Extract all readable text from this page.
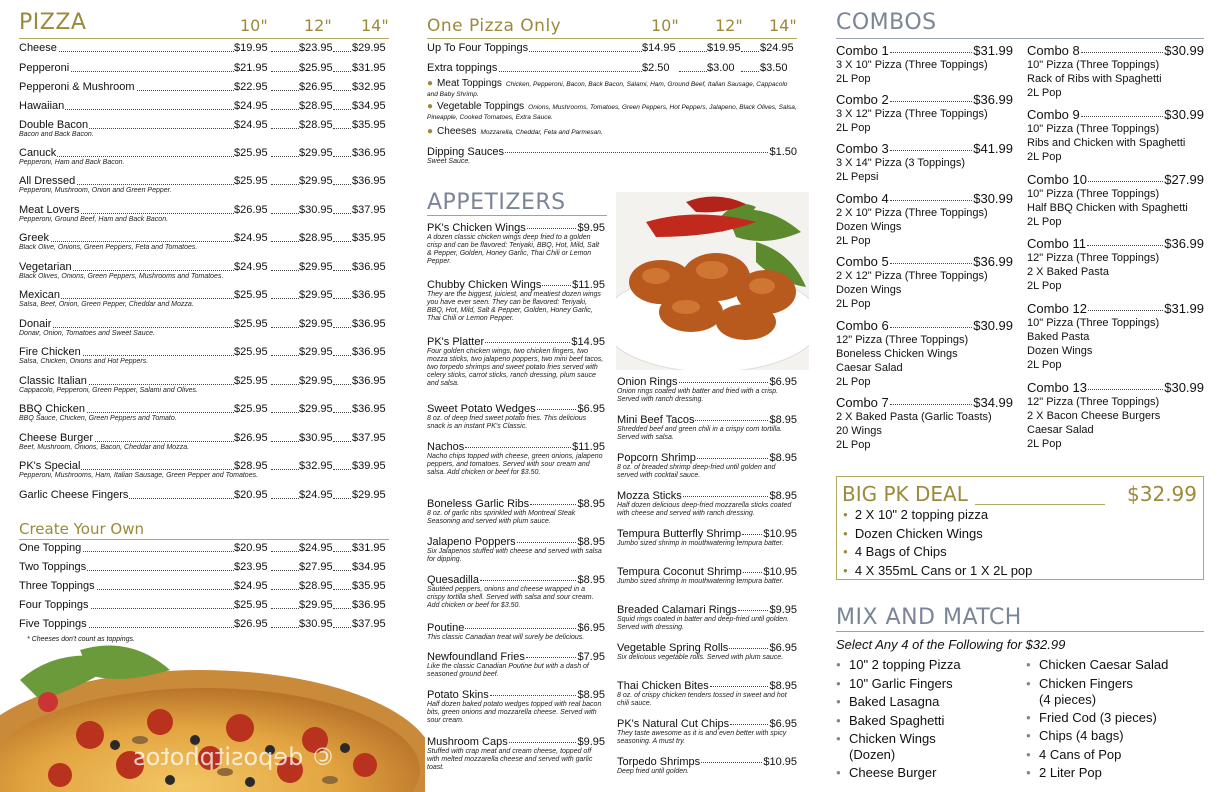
PIZZA	10" 12" 14"
Cheese	$19.95	$23.95 $29.95
Pepperoni	$21.95	$25.95 $31.95
Pepperoni & Mushroom	$22.95	$26.95 $32.95
Hawaiian	$24.95	$28.95 $34.95
Double Bacon	$24.95	$28.95 $35.95
Bacon and Back Bacon.
Canuck	$25.95	$29.95 $36.95
Pepperoni, Ham and Back Bacon.
All Dressed	$25.95	$29.95 $36.95
Pepperoni, Mushroom, Onion and Green Pepper.
Meat Lovers	$26.95	$30.95 $37.95
Pepperoni, Ground Beef, Ham and Back Bacon.
Greek	$24.95	$28.95 $35.95
Black Olive, Onions, Green Peppers, Feta and Tomatoes.
Vegetarian	$24.95	$29.95 $36.95
Black Olives, Onions, Green Peppers, Mushrooms and Tomatoes.
Mexican	$25.95	$29.95 $36.95
Salsa, Beef, Onion, Green Pepper, Cheddar and Mozza.
Donair	$25.95	$29.95 $36.95
Donair, Onion, Tomatoes and Sweet Sauce.
Fire Chicken	$25.95	$29.95 $36.95
Salsa, Chicken, Onions and Hot Peppers.
Classic Italian	$25.95	$29.95 $36.95
Cappacolo, Pepperoni, Green Pepper, Salami and Olives.
BBQ Chicken	$25.95	$29.95 $36.95
BBQ Sauce, Chicken, Green Peppers and Tomato.
Cheese Burger	$26.95	$30.95 $37.95
Beef, Mushroom, Onions, Bacon, Cheddar and Mozza.
PK's Special	$28.95	$32.95 $39.95
Pepperoni, Mushrooms, Ham, Italian Sausage, Green Pepper and Tomatoes.
Garlic Cheese Fingers	$20.95	$24.95 $29.95
Create Your Own
One Topping	$20.95	$24.95 $31.95
Two Toppings	$23.95	$27.95 $34.95
Three Toppings	$24.95	$28.95 $35.95
Four Toppings	$25.95	$29.95 $36.95
Five Toppings	$26.95	$30.95 $37.95
* Cheeses don't count as toppings.
© depositphotos
One Pizza Only	10" 12" 14"
Up To Four Toppings	$14.95	$19.95 $24.95
Extra toppings	$2.50	$3.00 $3.50
● Meat Toppings Chicken, Pepperoni, Bacon, Back Bacon, Salami, Ham, Ground Beef, Italian Sausage, Cappacolo and Baby Shrimp.
● Vegetable Toppings Onions, Mushrooms, Tomatoes, Green Peppers, Hot Peppers, Jalapeno, Black Olives, Salsa, Pineapple, Cooked Tomatoes, Extra Sauce.
● Cheeses Mozzarella, Cheddar, Feta and Parmesan.
Dipping Sauces	$1.50
Sweet Sauce.
APPETIZERS
PK's Chicken Wings	$9.95
A dozen classic chicken wings deep fried to a golden crisp and can be flavored: Teriyaki, BBQ, Hot, Mild, Salt & Pepper, Golden, Honey Garlic, Thai Chili or Lemon Pepper.
Chubby Chicken Wings	$11.95
They are the biggest, juiciest, and meatiest dozen wings you have ever seen. They can be flavored: Teriyaki, BBQ, Hot, Mild, Salt & Pepper, Golden, Honey Garlic, Thai Chili or Lemon Pepper.
PK's Platter	$14.95
Four golden chicken wings, two chicken fingers, two mozza sticks, two jalapeno poppers, two mini beef tacos, two torpedo shrimps and sweet potato fries served with celery sticks, carrot sticks, ranch dressing, plum sauce and salsa.
Sweet Potato Wedges	$6.95
8 oz. of deep fried sweet potato fries. This delicious snack is an instant PK's Classic.
Nachos	$11.95
Nacho chips topped with cheese, green onions, jalapeno peppers, and tomatoes. Served with sour cream and salsa. Add chicken or beef for $3.50.
Boneless Garlic Ribs	$8.95
8 oz. of garlic ribs sprinkled with Montreal Steak Seasoning and served with plum sauce.
Jalapeno Poppers	$8.95
Six Jalapenos stuffed with cheese and served with salsa for dipping.
Quesadilla	$8.95
Sautéed peppers, onions and cheese wrapped in a crispy tortilla shell. Served with salsa and sour cream. Add chicken or beef for $3.50.
Poutine	$6.95
This classic Canadian treat will surely be delicious.
Newfoundland Fries	$7.95
Like the classic Canadian Poutine but with a dash of seasoned ground beef.
Potato Skins	$8.95
Half dozen baked potato wedges topped with real bacon bits, green onions and mozzarella cheese. Served with sour cream.
Mushroom Caps	$9.95
Stuffed with crap meat and cream cheese, topped off with melted mozzarella cheese and served with garlic toast.
Onion Rings	$6.95
Onion rings coated with batter and fried with a crisp. Served with ranch dressing.
Mini Beef Tacos	$8.95
Shredded beef and green chili in a crispy corn tortilla. Served with salsa.
Popcorn Shrimp	$8.95
8 oz. of breaded shrimp deep-fried until golden and served with cocktail sauce.
Mozza Sticks	$8.95
Half dozen delicious deep-fried mozzarella sticks coated with cheese and served with ranch dressing.
Tempura Butterfly Shrimp $10.95
Jumbo sized shrimp in mouthwatering tempura batter.
Tempura Coconut Shrimp $10.95
Jumbo sized shrimp in mouthwatering tempura batter.
Breaded Calamari Rings	$9.95
Squid rings coated in batter and deep-fried until golden. Served with dressing.
Vegetable Spring Rolls	$6.95
Six delicious vegetable rolls. Served with plum sauce.
Thai Chicken Bites	$8.95
8 oz. of crispy chicken tenders tossed in sweet and hot chili sauce.
PK's Natural Cut Chips	$6.95
They taste awesome as it is and even better with spicy seasoning. A must try.
Torpedo Shrimps	$10.95
Deep fried until golden.
COMBOS
Combo 1	$31.99
3 X 10" Pizza (Three Toppings)
2L Pop
Combo 2	$36.99
3 X 12" Pizza (Three Toppings)
2L Pop
Combo 3	$41.99
3 X 14" Pizza (3 Toppings)
2L Pepsi
Combo 4	$30.99
2 X 10" Pizza (Three Toppings)
Dozen Wings
2L Pop
Combo 5	$36.99
2 X 12" Pizza (Three Toppings)
Dozen Wings
2L Pop
Combo 6	$30.99
12" Pizza (Three Toppings)
Boneless Chicken Wings
Caesar Salad
2L Pop
Combo 7	$34.99
2 X Baked Pasta (Garlic Toasts)
20 Wings
2L Pop
Combo 8	$30.99
10" Pizza (Three Toppings)
Rack of Ribs with Spaghetti
2L Pop
Combo 9	$30.99
10" Pizza (Three Toppings)
Ribs and Chicken with Spaghetti
2L Pop
Combo 10	$27.99
10" Pizza (Three Toppings)
Half BBQ Chicken with Spaghetti
2L Pop
Combo 11	$36.99
12" Pizza (Three Toppings)
2 X Baked Pasta
2L Pop
Combo 12	$31.99
10" Pizza (Three Toppings)
Baked Pasta
Dozen Wings
2L Pop
Combo 13	$30.99
12" Pizza (Three Toppings)
2 X Bacon Cheese Burgers
Caesar Salad
2L Pop
BIG PK DEAL	$32.99
● 2 X 10" 2 topping pizza
● Dozen Chicken Wings
● 4 Bags of Chips
● 4 X 355mL Cans or 1 X 2L pop
MIX AND MATCH
Select Any 4 of the Following for $32.99
● 10" 2 topping Pizza
● 10" Garlic Fingers
● Baked Lasagna
● Baked Spaghetti
● Chicken Wings
(Dozen)
● Cheese Burger
● Chicken Caesar Salad
● Chicken Fingers
(4 pieces)
● Fried Cod (3 pieces)
● Chips (4 bags)
● 4 Cans of Pop
● 2 Liter Pop
